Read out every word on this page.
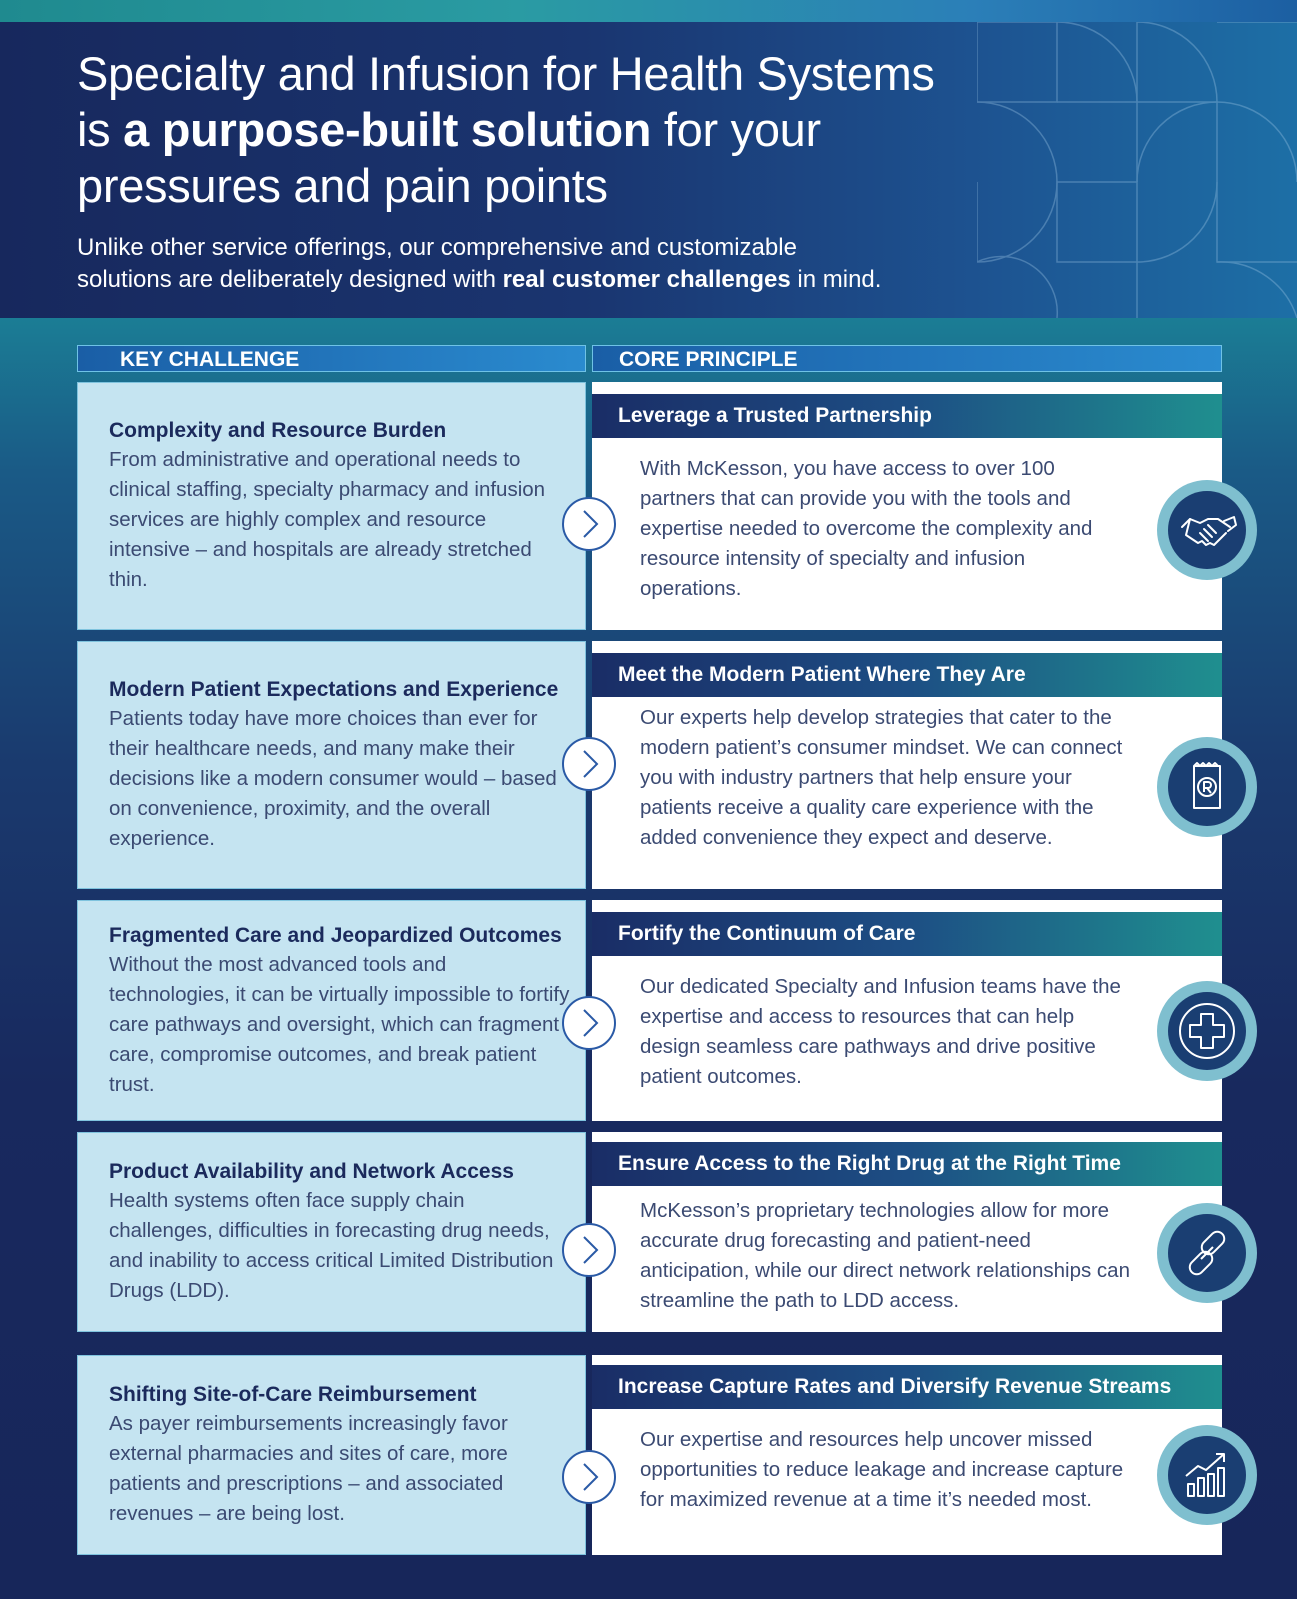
Specialty and Infusion for Health Systems
is a purpose-built solution for your
pressures and pain points
Unlike other service offerings, our comprehensive and customizable
solutions are deliberately designed with real customer challenges in mind.
KEY CHALLENGE	CORE PRINCIPLE
Complexity and Resource Burden
From administrative and operational needs to clinical staffing, specialty pharmacy and infusion services are highly complex and resource intensive – and hospitals are already stretched thin.
Leverage a Trusted Partnership
With McKesson, you have access to over 100 partners that can provide you with the tools and expertise needed to overcome the complexity and resource intensity of specialty and infusion operations.
Modern Patient Expectations and Experience
Patients today have more choices than ever for their healthcare needs, and many make their decisions like a modern consumer would – based on convenience, proximity, and the overall experience.
Meet the Modern Patient Where They Are
Our experts help develop strategies that cater to the modern patient’s consumer mindset. We can connect you with industry partners that help ensure your patients receive a quality care experience with the added convenience they expect and deserve.
Fragmented Care and Jeopardized Outcomes
Without the most advanced tools and technologies, it can be virtually impossible to fortify care pathways and oversight, which can fragment care, compromise outcomes, and break patient trust.
Fortify the Continuum of Care
Our dedicated Specialty and Infusion teams have the expertise and access to resources that can help design seamless care pathways and drive positive patient outcomes.
Product Availability and Network Access
Health systems often face supply chain challenges, difficulties in forecasting drug needs, and inability to access critical Limited Distribution Drugs (LDD).
Ensure Access to the Right Drug at the Right Time
McKesson’s proprietary technologies allow for more accurate drug forecasting and patient-need anticipation, while our direct network relationships can streamline the path to LDD access.
Shifting Site-of-Care Reimbursement
As payer reimbursements increasingly favor external pharmacies and sites of care, more patients and prescriptions – and associated revenues – are being lost.
Increase Capture Rates and Diversify Revenue Streams
Our expertise and resources help uncover missed opportunities to reduce leakage and increase capture for maximized revenue at a time it’s needed most.
